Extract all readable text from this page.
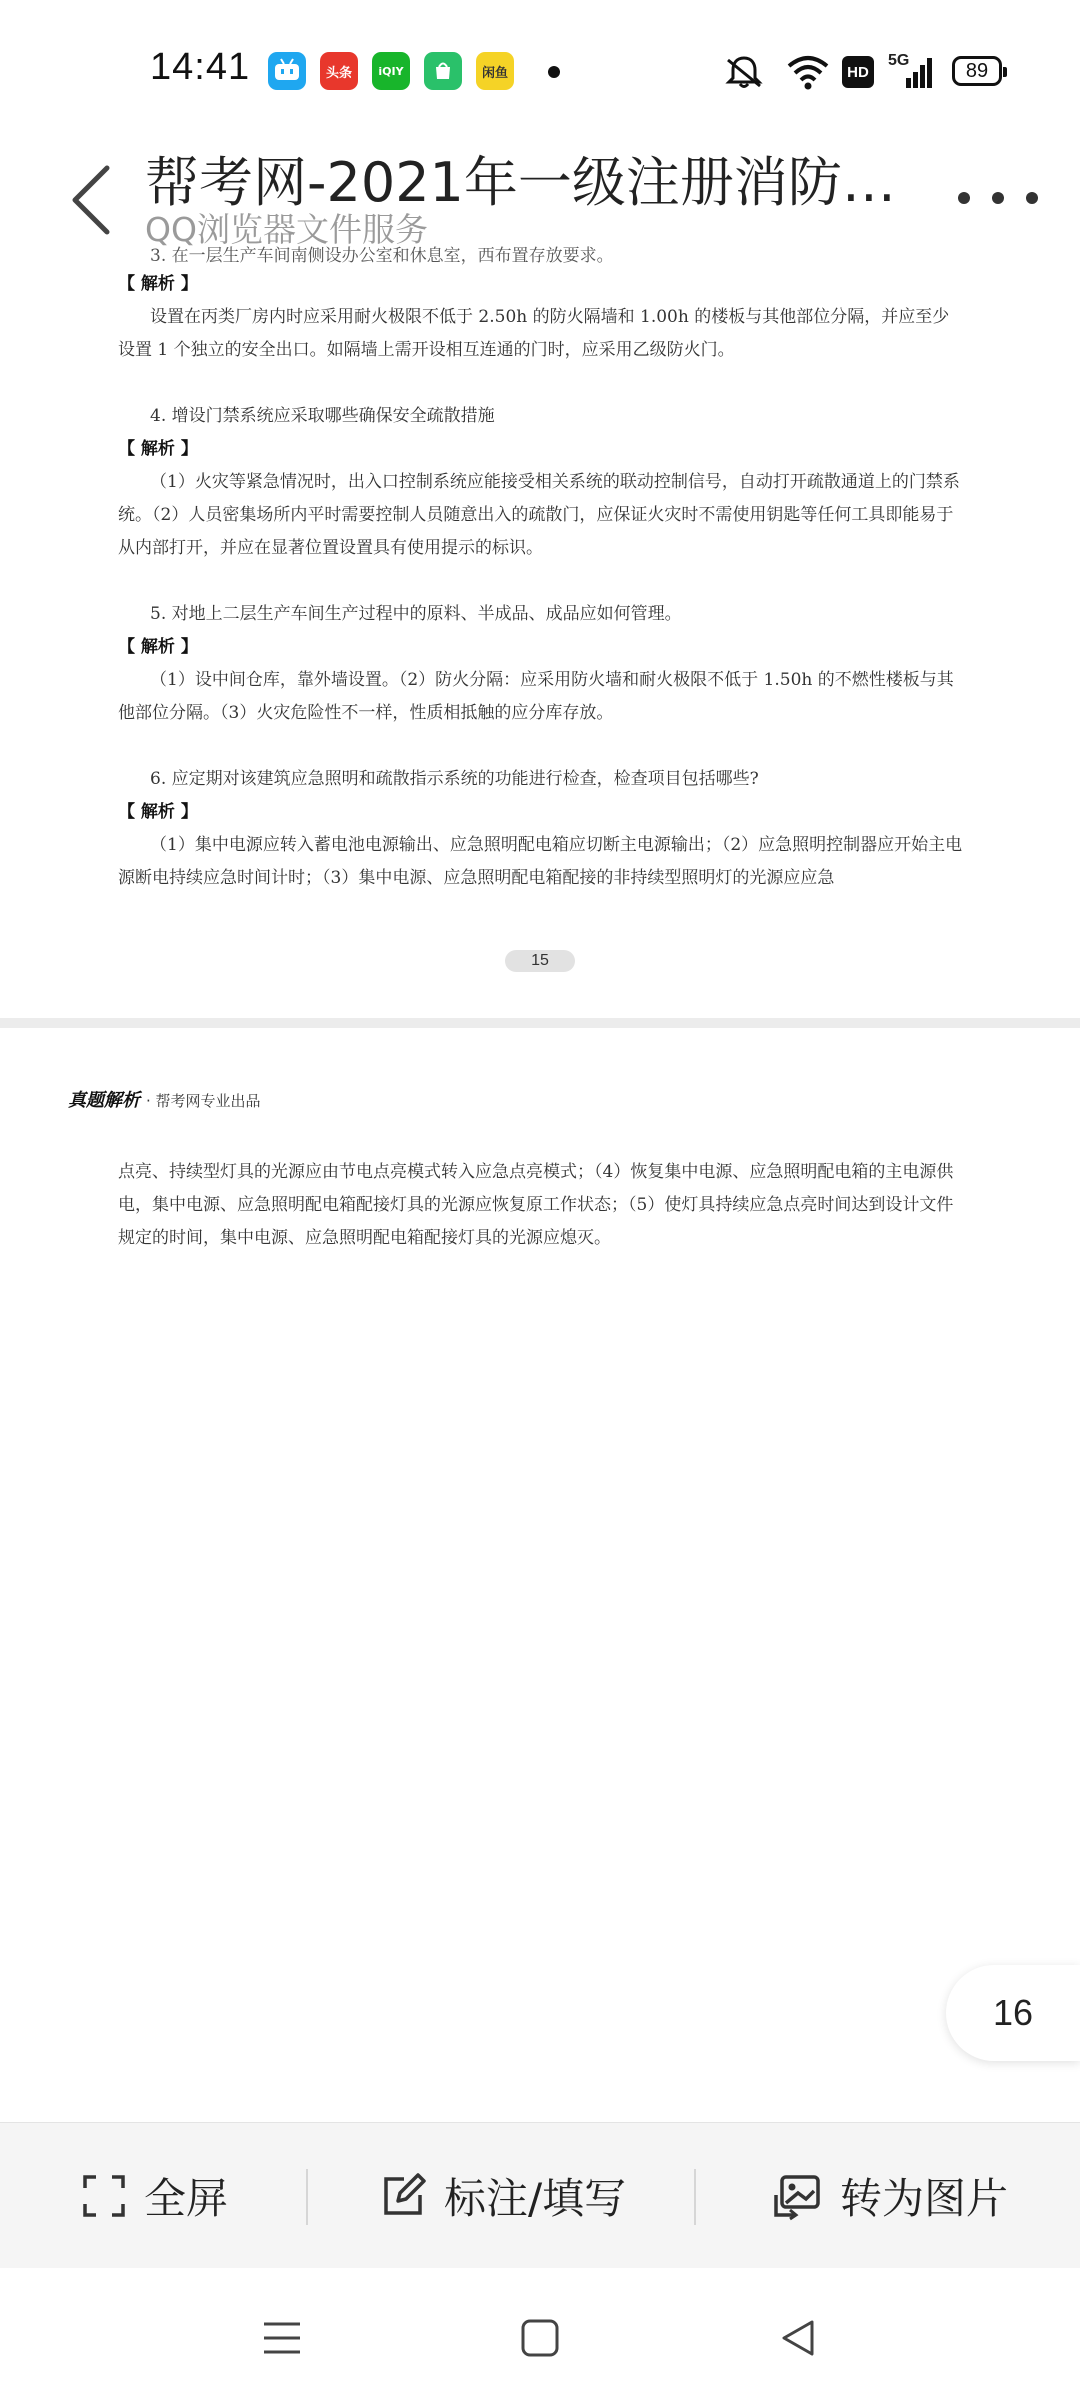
14:41	头条	iQIY	闲鱼	HD
5G	89
帮考网-2021年一级注册消防…
QQ浏览器文件服务
3. 在一层生产车间南侧设办公室和休息室，西布置存放要求。
【 解析 】
设置在丙类厂房内时应采用耐火极限不低于 2.50h 的防火隔墙和 1.00h 的楼板与其他部位分隔，并应至少设置 1 个独立的安全出口。如隔墙上需开设相互连通的门时，应采用乙级防火门。
4. 增设门禁系统应采取哪些确保安全疏散措施
【 解析 】
（1）火灾等紧急情况时，出入口控制系统应能接受相关系统的联动控制信号，自动打开疏散通道上的门禁系统。（2）人员密集场所内平时需要控制人员随意出入的疏散门，应保证火灾时不需使用钥匙等任何工具即能易于从内部打开，并应在显著位置设置具有使用提示的标识。
5. 对地上二层生产车间生产过程中的原料、半成品、成品应如何管理。
【 解析 】
（1）设中间仓库，靠外墙设置。（2）防火分隔：应采用防火墙和耐火极限不低于 1.50h 的不燃性楼板与其他部位分隔。（3）火灾危险性不一样，性质相抵触的应分库存放。
6. 应定期对该建筑应急照明和疏散指示系统的功能进行检查，检查项目包括哪些?
【 解析 】
（1）集中电源应转入蓄电池电源输出、应急照明配电箱应切断主电源输出；（2）应急照明控制器应开始主电源断电持续应急时间计时；（3）集中电源、应急照明配电箱配接的非持续型照明灯的光源应应急
15
真题解析 · 帮考网专业出品
点亮、持续型灯具的光源应由节电点亮模式转入应急点亮模式；（4）恢复集中电源、应急照明配电箱的主电源供电，集中电源、应急照明配电箱配接灯具的光源应恢复原工作状态；（5）使灯具持续应急点亮时间达到设计文件规定的时间，集中电源、应急照明配电箱配接灯具的光源应熄灭。
16
全屏	标注/填写	转为图片
